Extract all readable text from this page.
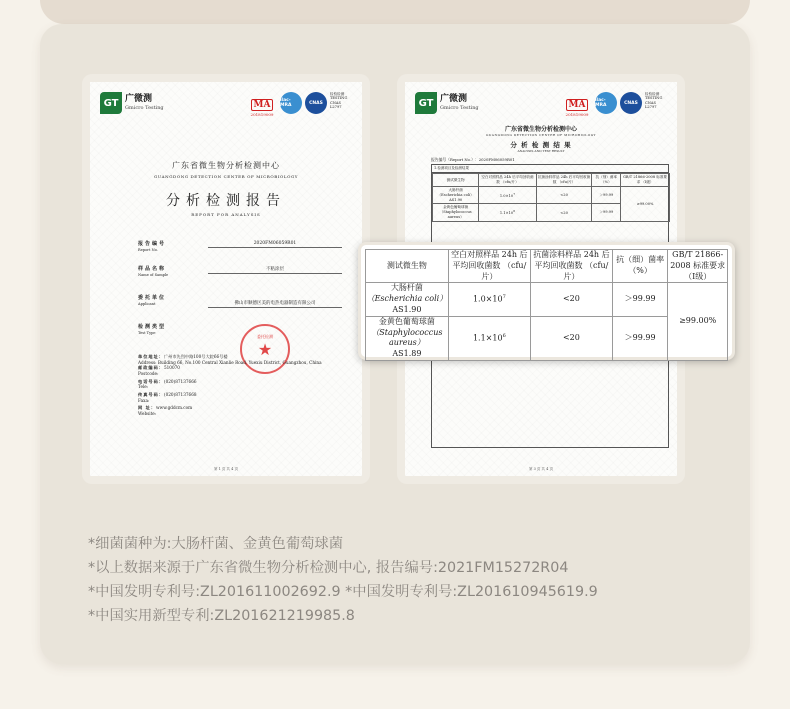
GT 广微测
Gmicro Testing	MA
201819009
ilac-MRA	CNAS
检验检测 TESTING CNAS L2797
广东省微生物分析检测中心
GUANGDONG DETECTION CENTER OF MICROBIOLOGY
分析检测报告
REPORT FOR ANALYSIS
报告编号
Report No.
2020FM06059R01
样品名称
Name of Sample
不粘涂层
委托单位
Applicant	佛山市顺德区美的电热电器制造有限公司
检测类型
Test Type
委托检测
★
单位地址：广州市先烈中路100号大院66号楼
Address: Building 66, No.100 Central Xianlie Road, Yuexiu District, Guangzhou, China
邮政编码：510070
Postcode:
电话号码：(020)87137666
Tele:
传真号码：(020)87137668
Faxa:
网 址：www.gddcm.com
Website:
第 1 页 共 4 页
GT 广微测
Gmicro Testing	MA
201819009
ilac-MRA	CNAS
检验检测 TESTING CNAS L2797
广东省微生物分析检测中心
GUANGDONG DETECTION CENTER OF MICROBIOLOGY
分 析 检 测 结 果
ANALYSIS AND TEST RESULT
报告编号（Report No.）：2020FM06059R01
1.检测项目及检测结果
测试微生物	空白对照样品 24h 后平均回收菌数 （cfu/片）	抗菌涂料样品 24h 后平均回收菌数 （cfu/片）	抗（细）菌率 （%）	GB/T 21866-2008 标准要求 （Ⅰ级）
大肠杆菌
（Escherichia coli）
AS1.90	$1.0\times 10^7$	<20	＞99.99	≥99.00%
金黄色葡萄球菌
（Staphylococcus aureus）	$1.1\times 10^6$	<20	＞99.99	
第 3 页 共 4 页
测试微生物	空白对照样品 24h 后平均回收菌数 （cfu/片）	抗菌涂料样品 24h 后平均回收菌数 （cfu/片）	抗（细）菌率 （%）	GB/T 21866-2008 标准要求 （Ⅰ级）

大肠杆菌
（Escherichia coli）
AS1.90	$1.0\times 10^7$	<20	＞99.99	≥99.00%

金黄色葡萄球菌
（Staphylococcus aureus）
AS1.89	$1.1\times 10^6$	<20	＞99.99	
*细菌菌种为:大肠杆菌、金黄色葡萄球菌
*以上数据来源于广东省微生物分析检测中心, 报告编号:2021FM15272R04
*中国发明专利号:ZL201611002692.9 *中国发明专利号:ZL201610945619.9
*中国实用新型专利:ZL201621219985.8
